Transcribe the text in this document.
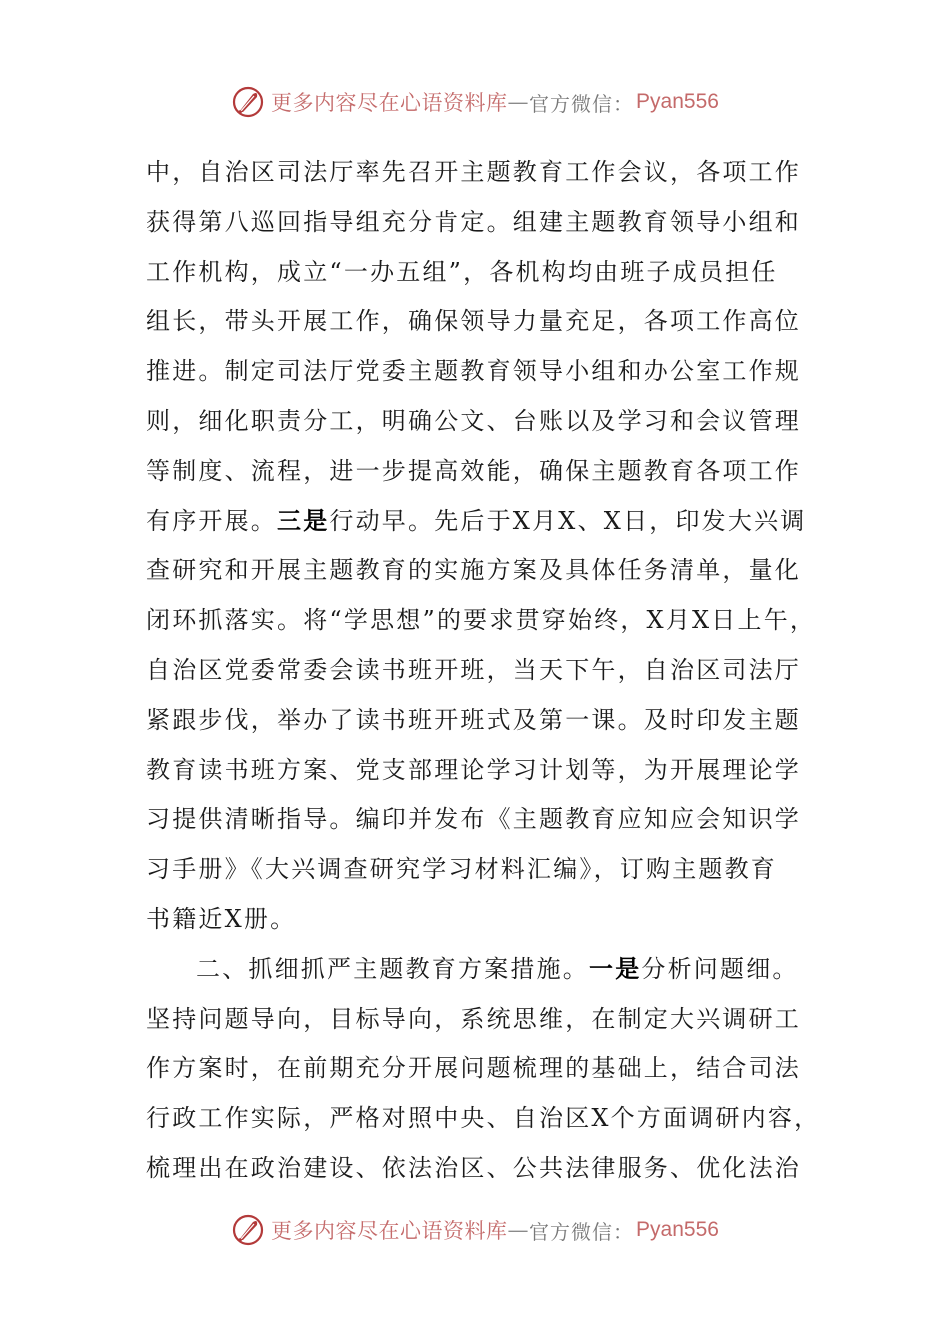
更多内容尽在心语资料库 — 官方微信： Pyan556
中，自治区司法厅率先召开主题教育工作会议，各项工作
获得第八巡回指导组充分肯定。组建主题教育领导小组和
工作机构，成立“一办五组”，各机构均由班子成员担任
组长，带头开展工作，确保领导力量充足，各项工作高位
推进。制定司法厅党委主题教育领导小组和办公室工作规
则，细化职责分工，明确公文、台账以及学习和会议管理
等制度、流程，进一步提高效能，确保主题教育各项工作
有序开展。三是行动早。先后于X月X、X日，印发大兴调
查研究和开展主题教育的实施方案及具体任务清单，量化
闭环抓落实。将“学思想”的要求贯穿始终，X月X日上午，
自治区党委常委会读书班开班，当天下午，自治区司法厅
紧跟步伐，举办了读书班开班式及第一课。及时印发主题
教育读书班方案、党支部理论学习计划等，为开展理论学
习提供清晰指导。编印并发布《主题教育应知应会知识学
习手册》《大兴调查研究学习材料汇编》，订购主题教育
书籍近X册。
二、抓细抓严主题教育方案措施。一是分析问题细。
坚持问题导向，目标导向，系统思维，在制定大兴调研工
作方案时，在前期充分开展问题梳理的基础上，结合司法
行政工作实际，严格对照中央、自治区X个方面调研内容，
梳理出在政治建设、依法治区、公共法律服务、优化法治
更多内容尽在心语资料库 — 官方微信： Pyan556
